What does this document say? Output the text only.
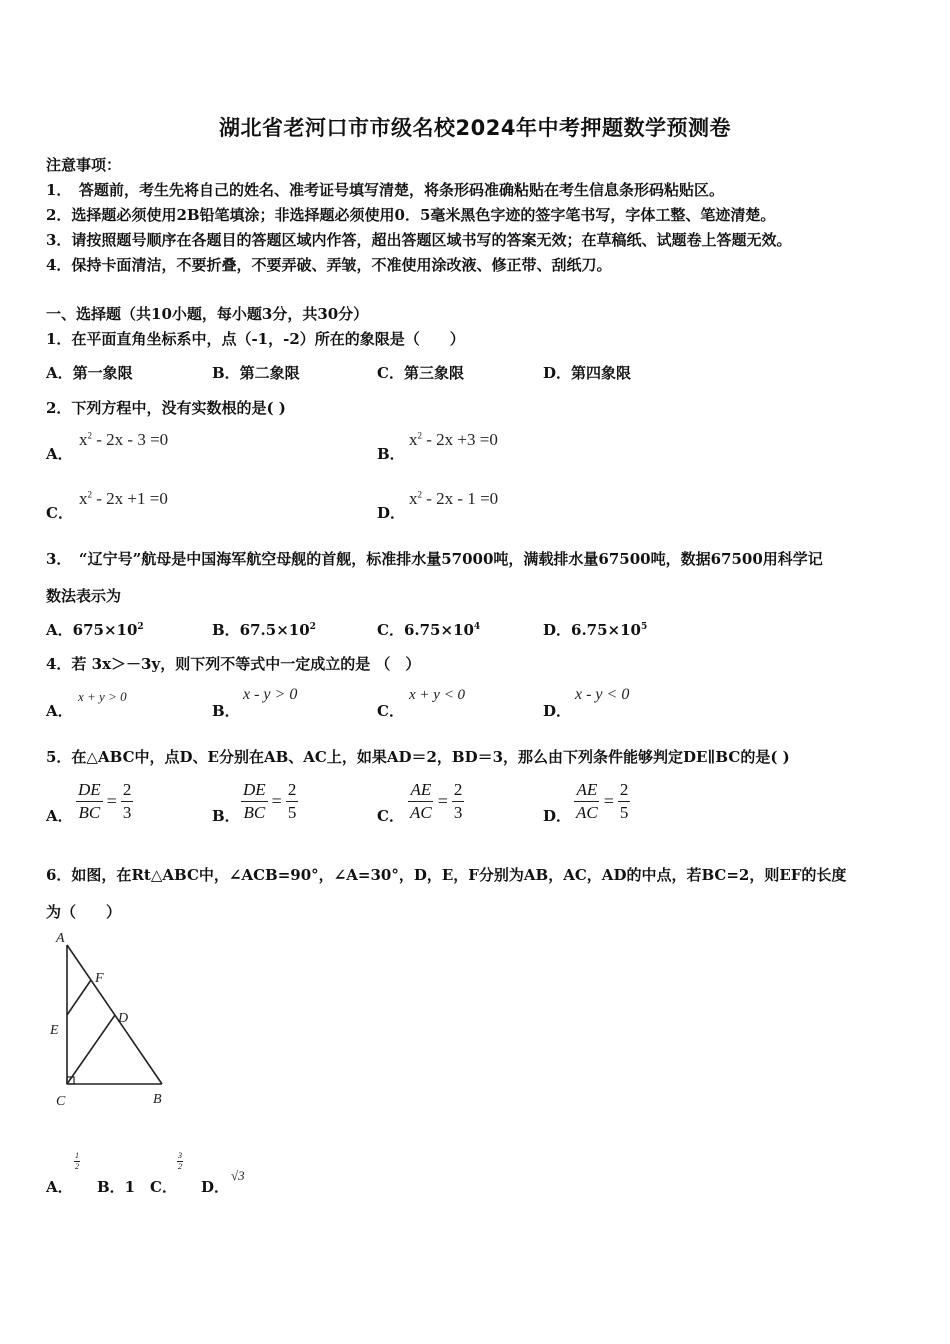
湖北省老河口市市级名校2024年中考押题数学预测卷
注意事项：
1．　答题前，考生先将自己的姓名、准考证号填写清楚，将条形码准确粘贴在考生信息条形码粘贴区。
2．选择题必须使用2B铅笔填涂；非选择题必须使用0．5毫米黑色字迹的签字笔书写，字体工整、笔迹清楚。
3．请按照题号顺序在各题目的答题区域内作答，超出答题区域书写的答案无效；在草稿纸、试题卷上答题无效。
4．保持卡面清洁，不要折叠，不要弄破、弄皱，不准使用涂改液、修正带、刮纸刀。
一、选择题（共10小题，每小题3分，共30分）
1．在平面直角坐标系中，点（-1，-2）所在的象限是（　　）
A．第一象限	B．第二象限	C．第三象限	D．第四象限
2．下列方程中，没有实数根的是( )
A．
$x^2 - 2x - 3 =0$
B．
$x^2 - 2x +3 =0$
C．
$x^2 - 2x +1 =0$
D．
$x^2 - 2x - 1 =0$
3．　“辽宁号”航母是中国海军航空母舰的首舰，标准排水量57000吨，满载排水量67500吨，数据67500用科学记
数法表示为
A．$675\times 10^2$	B．$67.5\times 10^2$	C．$6.75\times 10^4$	D．$6.75\times 10^5$
4．若 3x＞－3y，则下列不等式中一定成立的是 （　）
A．
x + y > 0
B．
x - y > 0
C．
x + y < 0
D．
x - y < 0
5．在△ABC中，点D、E分别在AB、AC上，如果AD＝2，BD＝3，那么由下列条件能够判定DE∥BC的是( )
A． $\frac{DE}{BC} = \frac{2}{3}$	B． $\frac{DE}{BC} = \frac{2}{5}$	C． $\frac{AE}{AC} = \frac{2}{3}$	D． $\frac{AE}{AC} = \frac{2}{5}$
6．如图，在Rt△ABC中，∠ACB=90°，∠A=30°，D，E，F分别为AB，AC，AD的中点，若BC=2，则EF的长度
为（　　）
A
F
D
E
C	B
A．
1
2
B．1 C．
3
2
D．
√3
